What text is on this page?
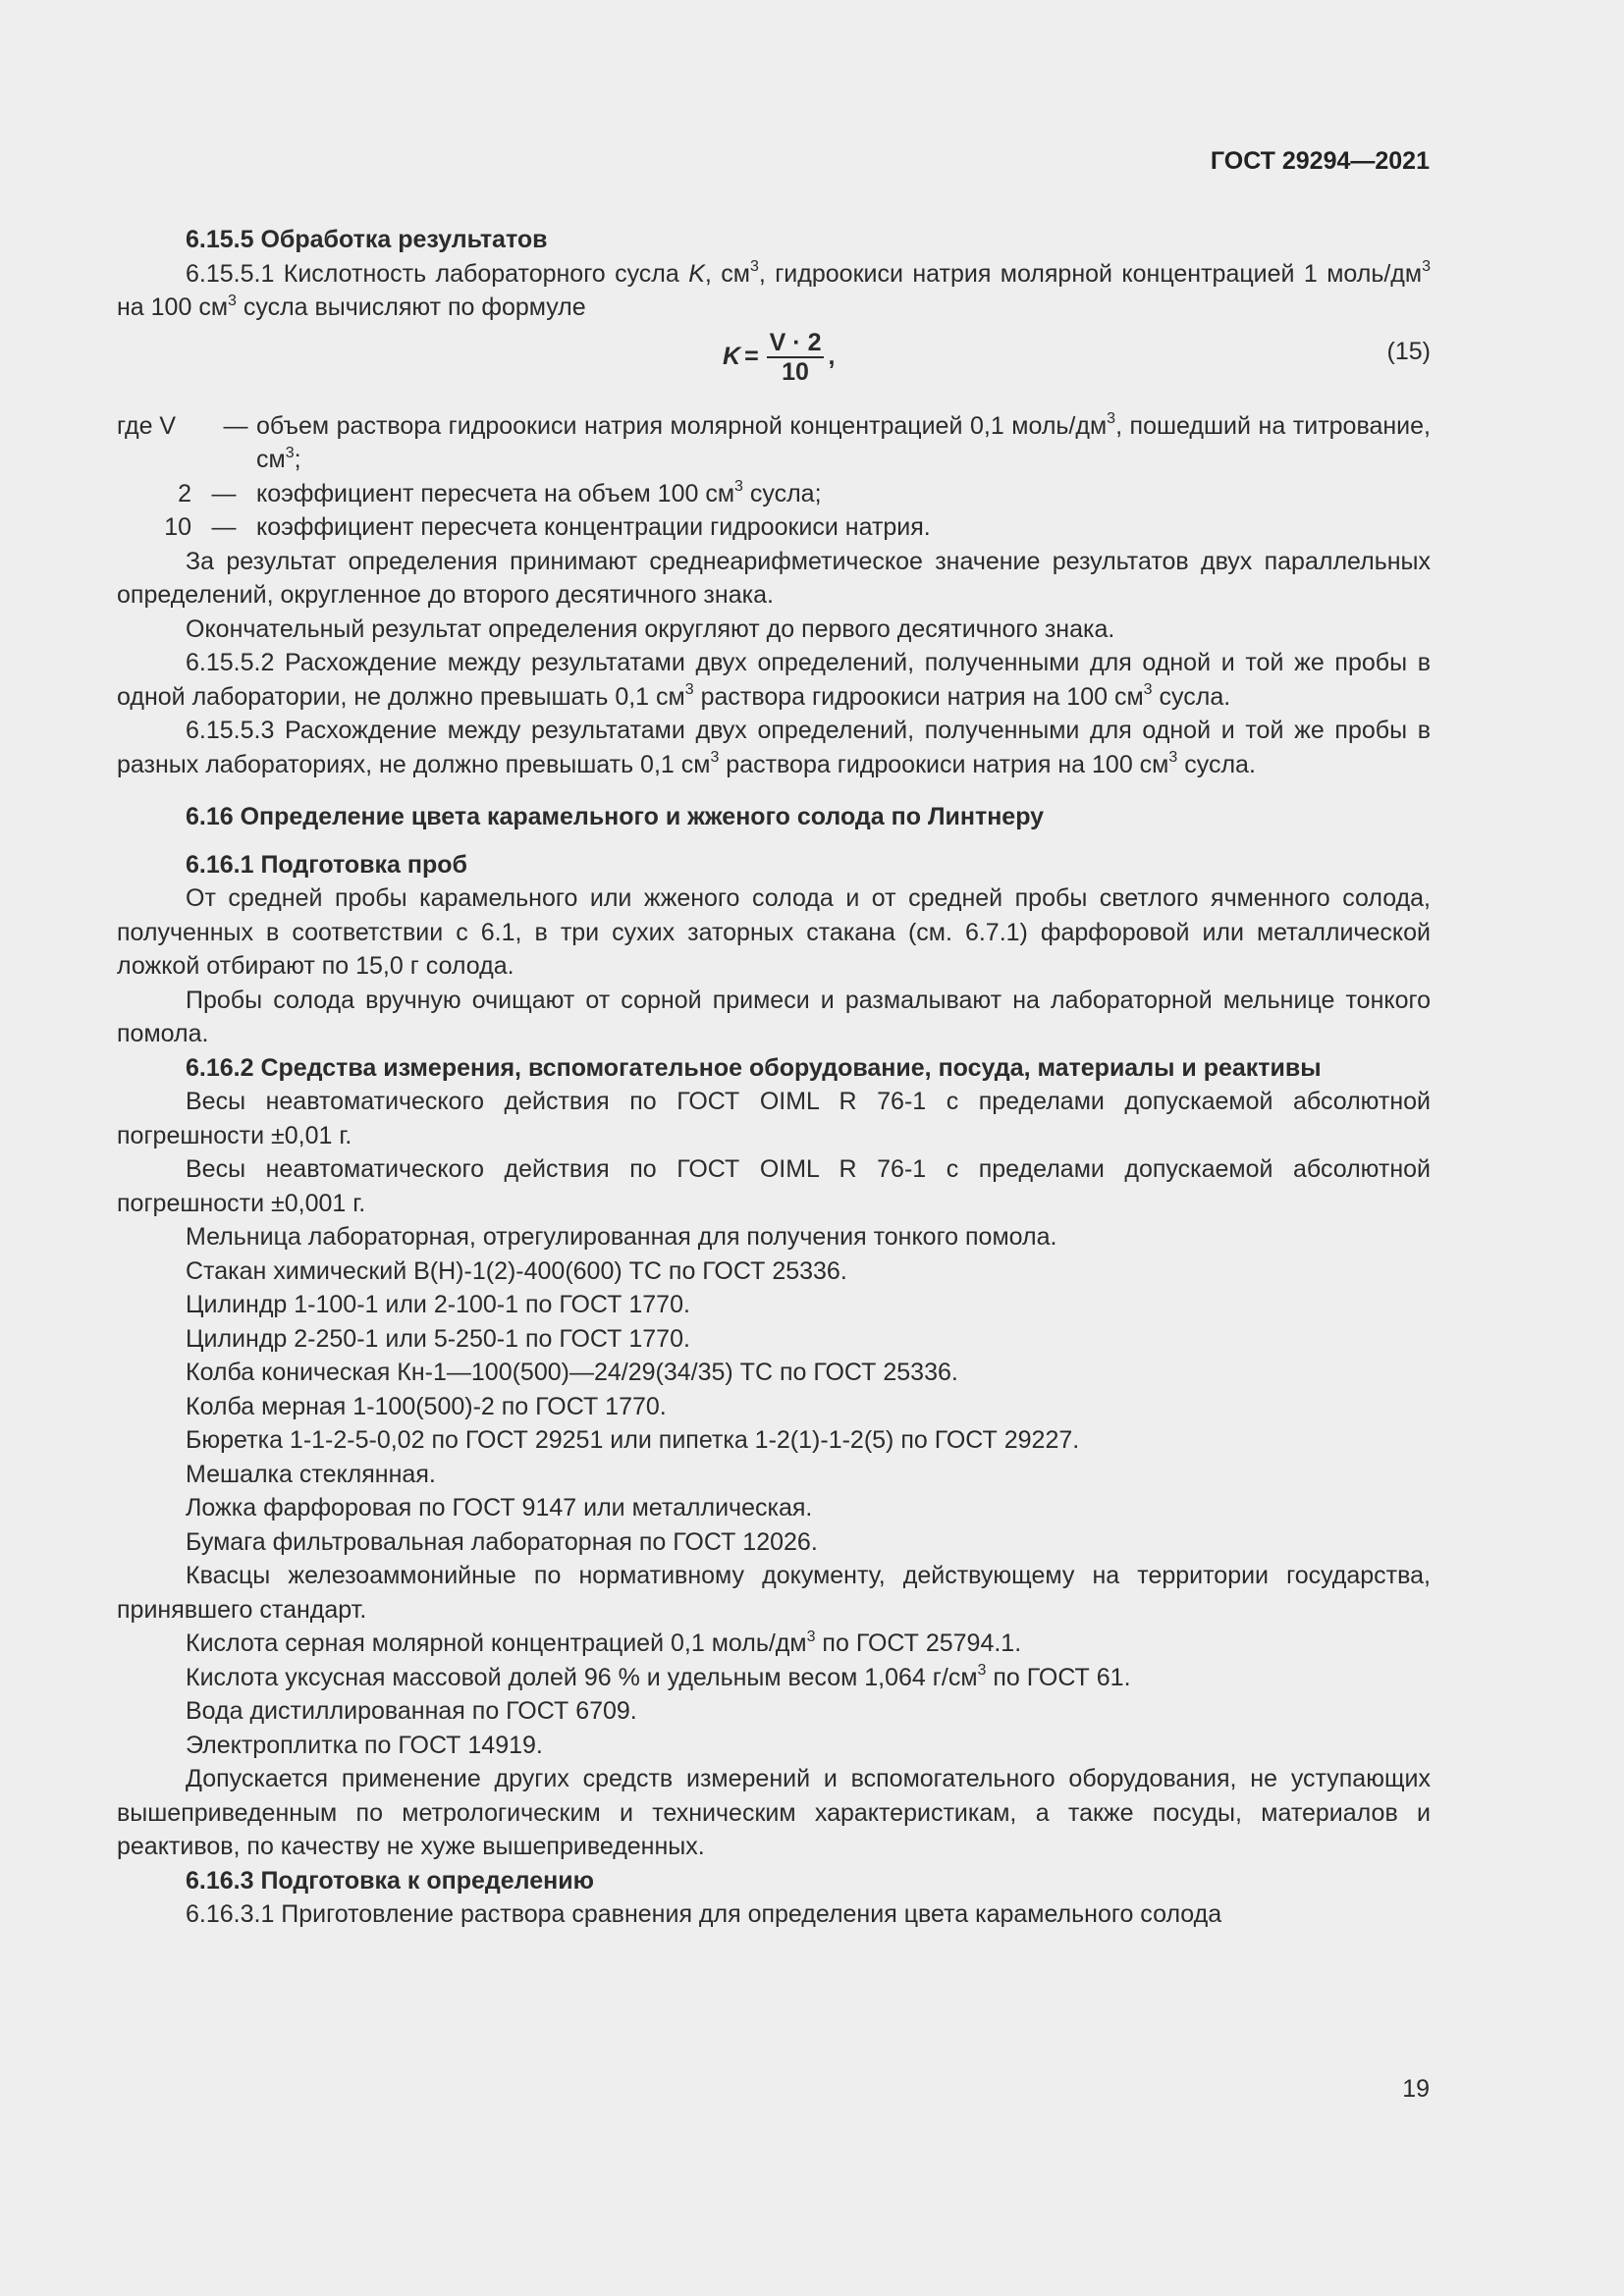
ГОСТ 29294—2021

6.15.5 Обработка результатов

6.15.5.1 Кислотность лабораторного сусла K, $см^3$, гидроокиси натрия молярной концентрацией 1 моль/$дм^3$ на 100 $см^3$ сусла вычисляют по формуле

$K = \frac{V \cdot 2}{10}$ ,	(15)
где V	— объем раствора гидроокиси натрия молярной концентрацией 0,1 моль/$дм^3$, пошедший на титрование, $см^3$;
2 — коэффициент пересчета на объем 100 $см^3$ сусла;
10 — коэффициент пересчета концентрации гидроокиси натрия.

За результат определения принимают среднеарифметическое значение результатов двух параллельных определений, округленное до второго десятичного знака.

Окончательный результат определения округляют до первого десятичного знака.

6.15.5.2 Расхождение между результатами двух определений, полученными для одной и той же пробы в одной лаборатории, не должно превышать 0,1 $см^3$ раствора гидроокиси натрия на 100 $см^3$ сусла.

6.15.5.3 Расхождение между результатами двух определений, полученными для одной и той же пробы в разных лабораториях, не должно превышать 0,1 $см^3$ раствора гидроокиси натрия на 100 $см^3$ сусла.

6.16 Определение цвета карамельного и жженого солода по Линтнеру

6.16.1 Подготовка проб

От средней пробы карамельного или жженого солода и от средней пробы светлого ячменного солода, полученных в соответствии с 6.1, в три сухих заторных стакана (см. 6.7.1) фарфоровой или металлической ложкой отбирают по 15,0 г солода.

Пробы солода вручную очищают от сорной примеси и размалывают на лабораторной мельнице тонкого помола.

6.16.2 Средства измерения, вспомогательное оборудование, посуда, материалы и реактивы

Весы неавтоматического действия по ГОСТ OIML R 76-1 с пределами допускаемой абсолютной погрешности ±0,01 г.

Весы неавтоматического действия по ГОСТ OIML R 76-1 с пределами допускаемой абсолютной погрешности ±0,001 г.

Мельница лабораторная, отрегулированная для получения тонкого помола.

Стакан химический В(Н)-1(2)-400(600) ТС по ГОСТ 25336.

Цилиндр 1-100-1 или 2-100-1 по ГОСТ 1770.

Цилиндр 2-250-1 или 5-250-1 по ГОСТ 1770.

Колба коническая Кн-1—100(500)—24/29(34/35) ТС по ГОСТ 25336.

Колба мерная 1-100(500)-2 по ГОСТ 1770.

Бюретка 1-1-2-5-0,02 по ГОСТ 29251 или пипетка 1-2(1)-1-2(5) по ГОСТ 29227.

Мешалка стеклянная.

Ложка фарфоровая по ГОСТ 9147 или металлическая.

Бумага фильтровальная лабораторная по ГОСТ 12026.

Квасцы железоаммонийные по нормативному документу, действующему на территории государства, принявшего стандарт.

Кислота серная молярной концентрацией 0,1 моль/$дм^3$ по ГОСТ 25794.1.

Кислота уксусная массовой долей 96 % и удельным весом 1,064 $г/см^3$ по ГОСТ 61.

Вода дистиллированная по ГОСТ 6709.

Электроплитка по ГОСТ 14919.

Допускается применение других средств измерений и вспомогательного оборудования, не уступающих вышеприведенным по метрологическим и техническим характеристикам, а также посуды, материалов и реактивов, по качеству не хуже вышеприведенных.

6.16.3 Подготовка к определению

6.16.3.1 Приготовление раствора сравнения для определения цвета карамельного солода

19
